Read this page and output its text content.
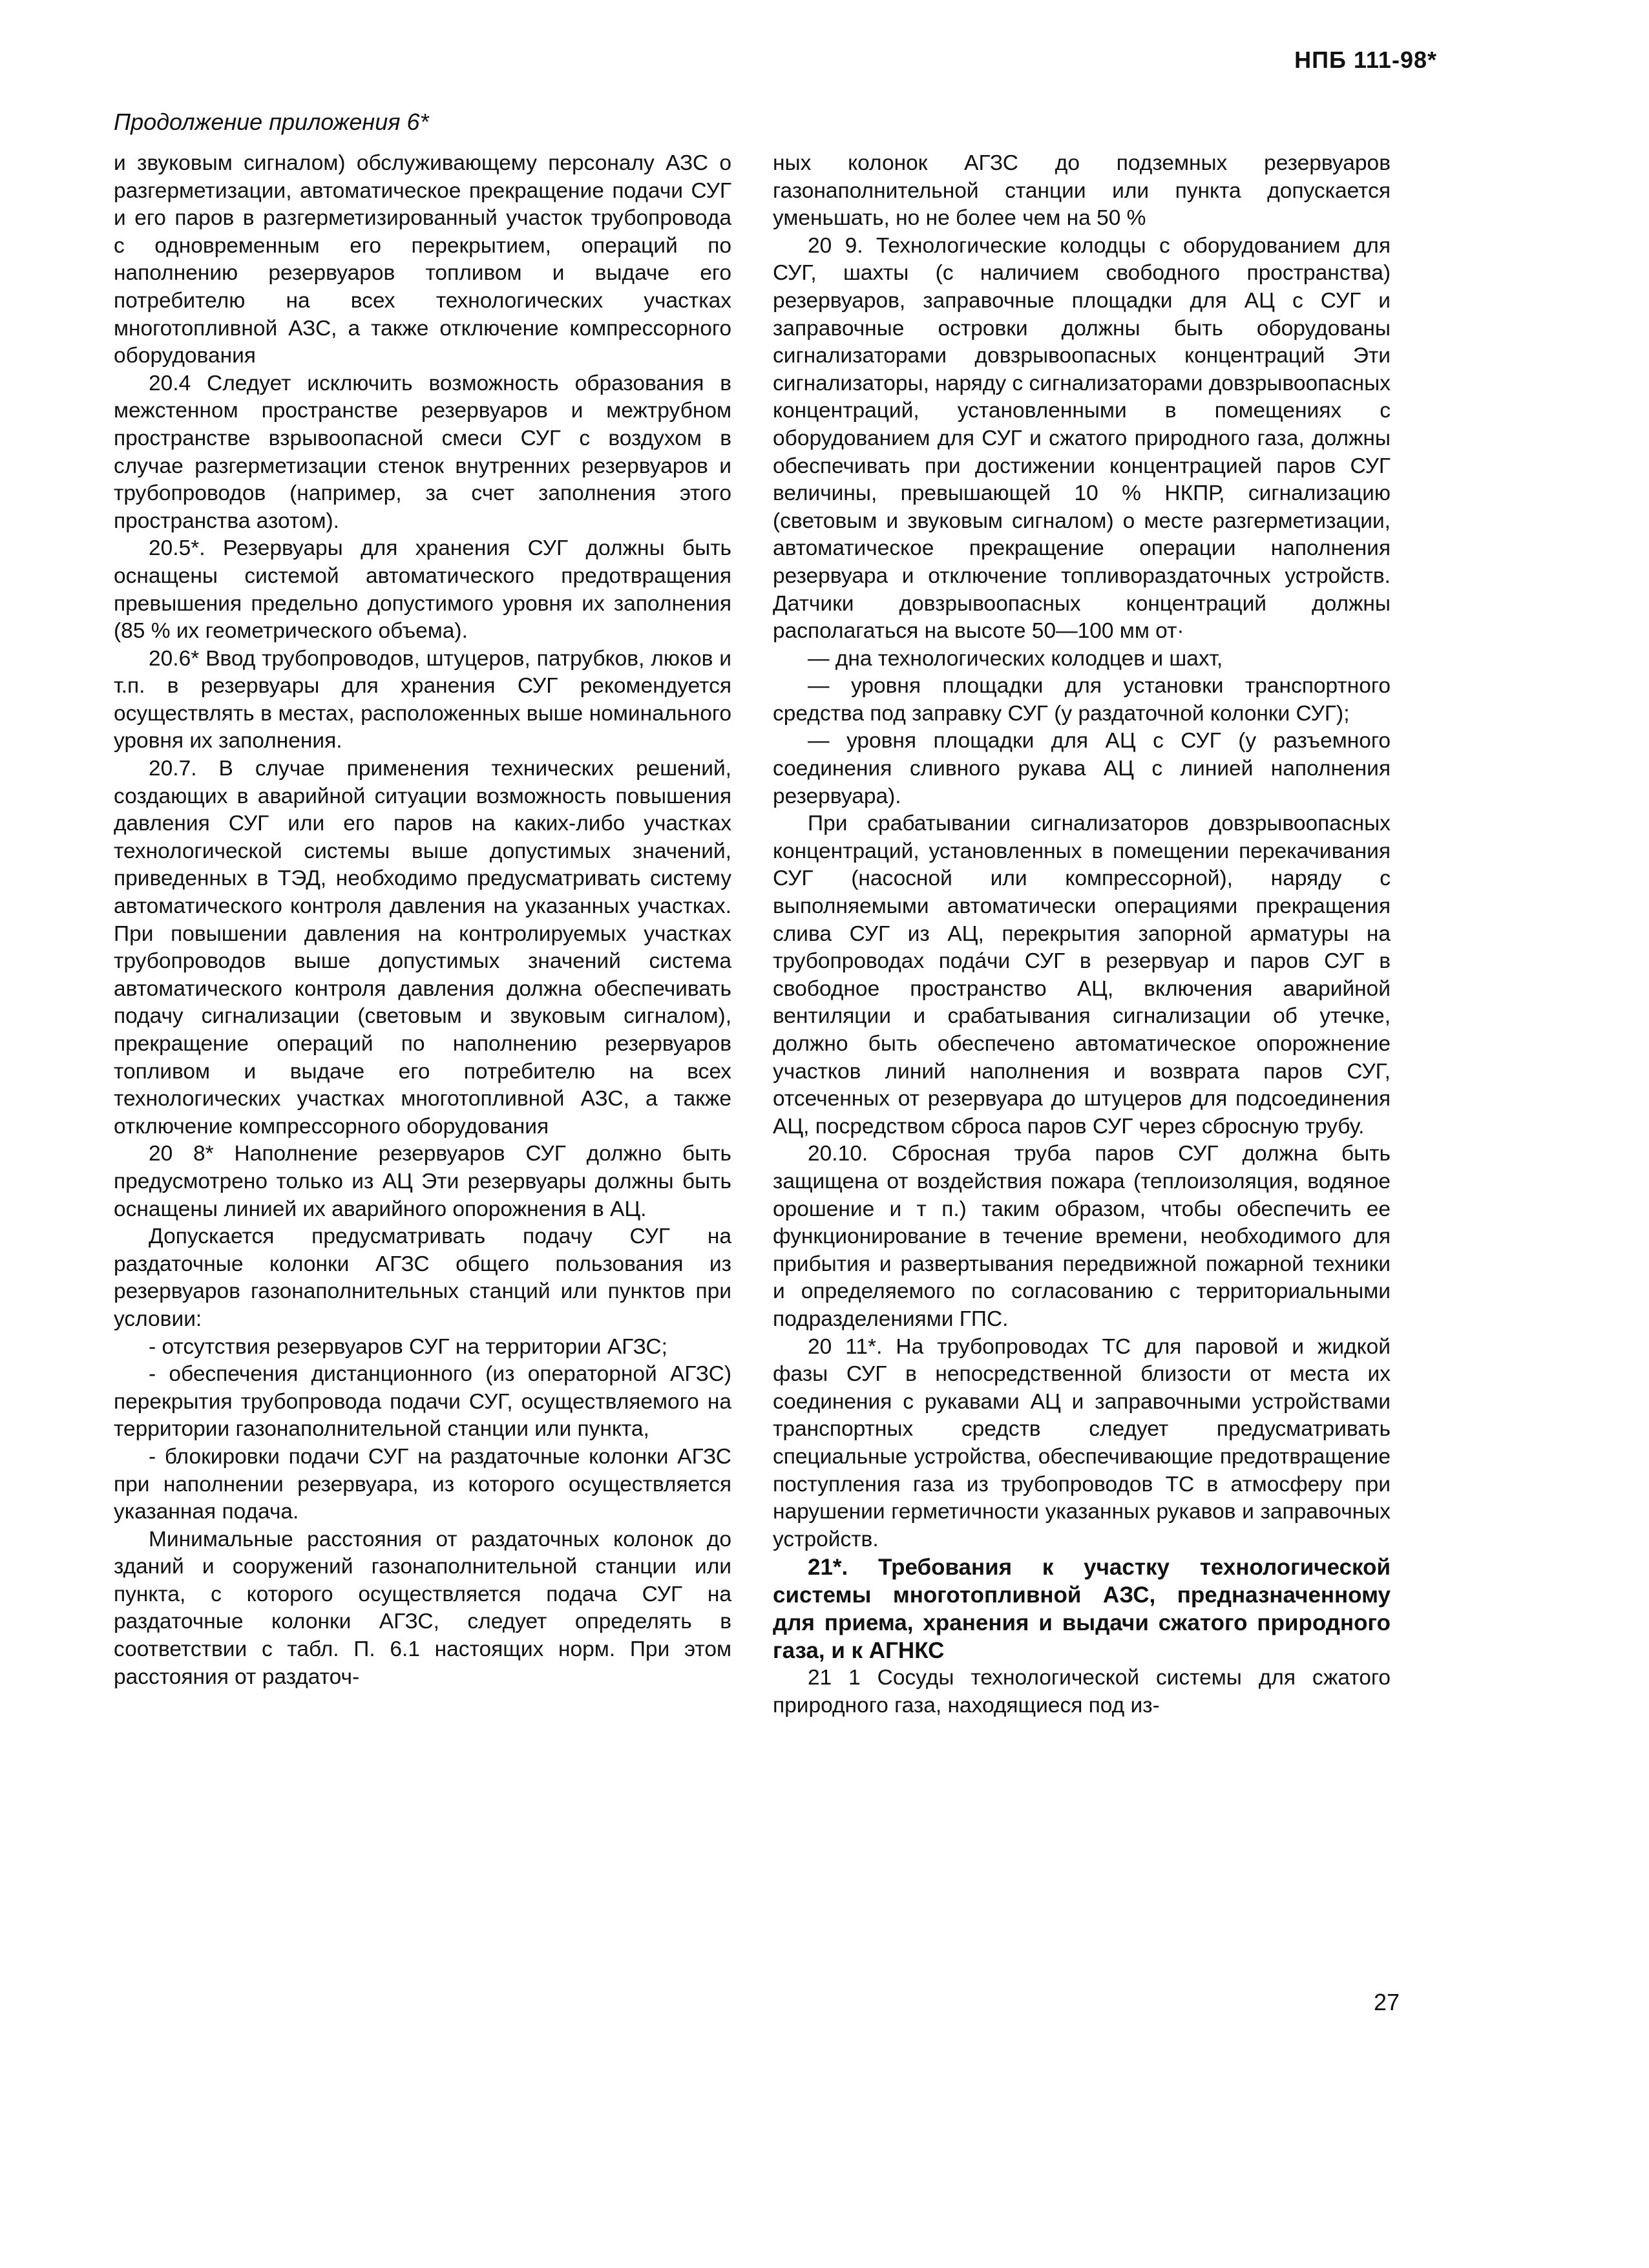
НПБ 111-98*
Продолжение приложения 6*

и звуковым сигналом) обслуживающему персоналу АЗС о разгерметизации, автоматическое прекращение подачи СУГ и его паров в разгерметизированный участок трубопровода с одновременным его перекрытием, операций по наполнению резервуаров топливом и выдаче его потребителю на всех технологических участках многотопливной АЗС, а также отключение компрессорного оборудования

20.4 Следует исключить возможность образования в межстенном пространстве резервуаров и межтрубном пространстве взрывоопасной смеси СУГ с воздухом в случае разгерметизации стенок внутренних резервуаров и трубопроводов (например, за счет заполнения этого пространства азотом).

20.5*. Резервуары для хранения СУГ должны быть оснащены системой автоматического предотвращения превышения предельно допустимого уровня их заполнения (85 % их геометрического объема).

20.6* Ввод трубопроводов, штуцеров, патрубков, люков и т.п. в резервуары для хранения СУГ рекомендуется осуществлять в местах, расположенных выше номинального уровня их заполнения.

20.7. В случае применения технических решений, создающих в аварийной ситуации возможность повышения давления СУГ или его паров на каких-либо участках технологической системы выше допустимых значений, приведенных в ТЭД, необходимо предусматривать систему автоматического контроля давления на указанных участках. При повышении давления на контролируемых участках трубопроводов выше допустимых значений система автоматического контроля давления должна обеспечивать подачу сигнализации (световым и звуковым сигналом), прекращение операций по наполнению резервуаров топливом и выдаче его потребителю на всех технологических участках многотопливной АЗС, а также отключение компрессорного оборудования

20 8* Наполнение резервуаров СУГ должно быть предусмотрено только из АЦ Эти резервуары должны быть оснащены линией их аварийного опорожнения в АЦ.

Допускается предусматривать подачу СУГ на раздаточные колонки АГЗС общего пользования из резервуаров газонаполнительных станций или пунктов при условии:

- отсутствия резервуаров СУГ на территории АГЗС;

- обеспечения дистанционного (из операторной АГЗС) перекрытия трубопровода подачи СУГ, осуществляемого на территории газонаполнительной станции или пункта,

- блокировки подачи СУГ на раздаточные колонки АГЗС при наполнении резервуара, из которого осуществляется указанная подача.

Минимальные расстояния от раздаточных колонок до зданий и сооружений газонаполнительной станции или пункта, с которого осуществляется подача СУГ на раздаточные колонки АГЗС, следует определять в соответствии с табл. П. 6.1 настоящих норм. При этом расстояния от раздаточ-

ных колонок АГЗС до подземных резервуаров газонаполнительной станции или пункта допускается уменьшать, но не более чем на 50 %

20 9. Технологические колодцы с оборудованием для СУГ, шахты (с наличием свободного пространства) резервуаров, заправочные площадки для АЦ с СУГ и заправочные островки должны быть оборудованы сигнализаторами довзрывоопасных концентраций Эти сигнализаторы, наряду с сигнализаторами довзрывоопасных концентраций, установленными в помещениях с оборудованием для СУГ и сжатого природного газа, должны обеспечивать при достижении концентрацией паров СУГ величины, превышающей 10 % НКПР, сигнализацию (световым и звуковым сигналом) о месте разгерметизации, автоматическое прекращение операции наполнения резервуара и отключение топливораздаточных устройств. Датчики довзрывоопасных концентраций должны располагаться на высоте 50—100 мм от·

— дна технологических колодцев и шахт,

— уровня площадки для установки транспортного средства под заправку СУГ (у раздаточной колонки СУГ);

— уровня площадки для АЦ с СУГ (у разъемного соединения сливного рукава АЦ с линией наполнения резервуара).

При срабатывании сигнализаторов довзрывоопасных концентраций, установленных в помещении перекачивания СУГ (насосной или компрессорной), наряду с выполняемыми автоматически операциями прекращения слива СУГ из АЦ, перекрытия запорной арматуры на трубопроводах пода́чи СУГ в резервуар и паров СУГ в свободное пространство АЦ, включения аварийной вентиляции и срабатывания сигнализации об утечке, должно быть обеспечено автоматическое опорожнение участков линий наполнения и возврата паров СУГ, отсеченных от резервуара до штуцеров для подсоединения АЦ, посредством сброса паров СУГ через сбросную трубу.

20.10. Сбросная труба паров СУГ должна быть защищена от воздействия пожара (теплоизоляция, водяное орошение и т п.) таким образом, чтобы обеспечить ее функционирование в течение времени, необходимого для прибытия и развертывания передвижной пожарной техники и определяемого по согласованию с территориальными подразделениями ГПС.

20 11*. На трубопроводах ТС для паровой и жидкой фазы СУГ в непосредственной близости от места их соединения с рукавами АЦ и заправочными устройствами транспортных средств следует предусматривать специальные устройства, обеспечивающие предотвращение поступления газа из трубопроводов ТС в атмосферу при нарушении герметичности указанных рукавов и заправочных устройств.

21*. Требования к участку технологической системы многотопливной АЗС, предназначенному для приема, хранения и выдачи сжатого природного газа, и к АГНКС

21 1 Сосуды технологической системы для сжатого природного газа, находящиеся под из-

27
